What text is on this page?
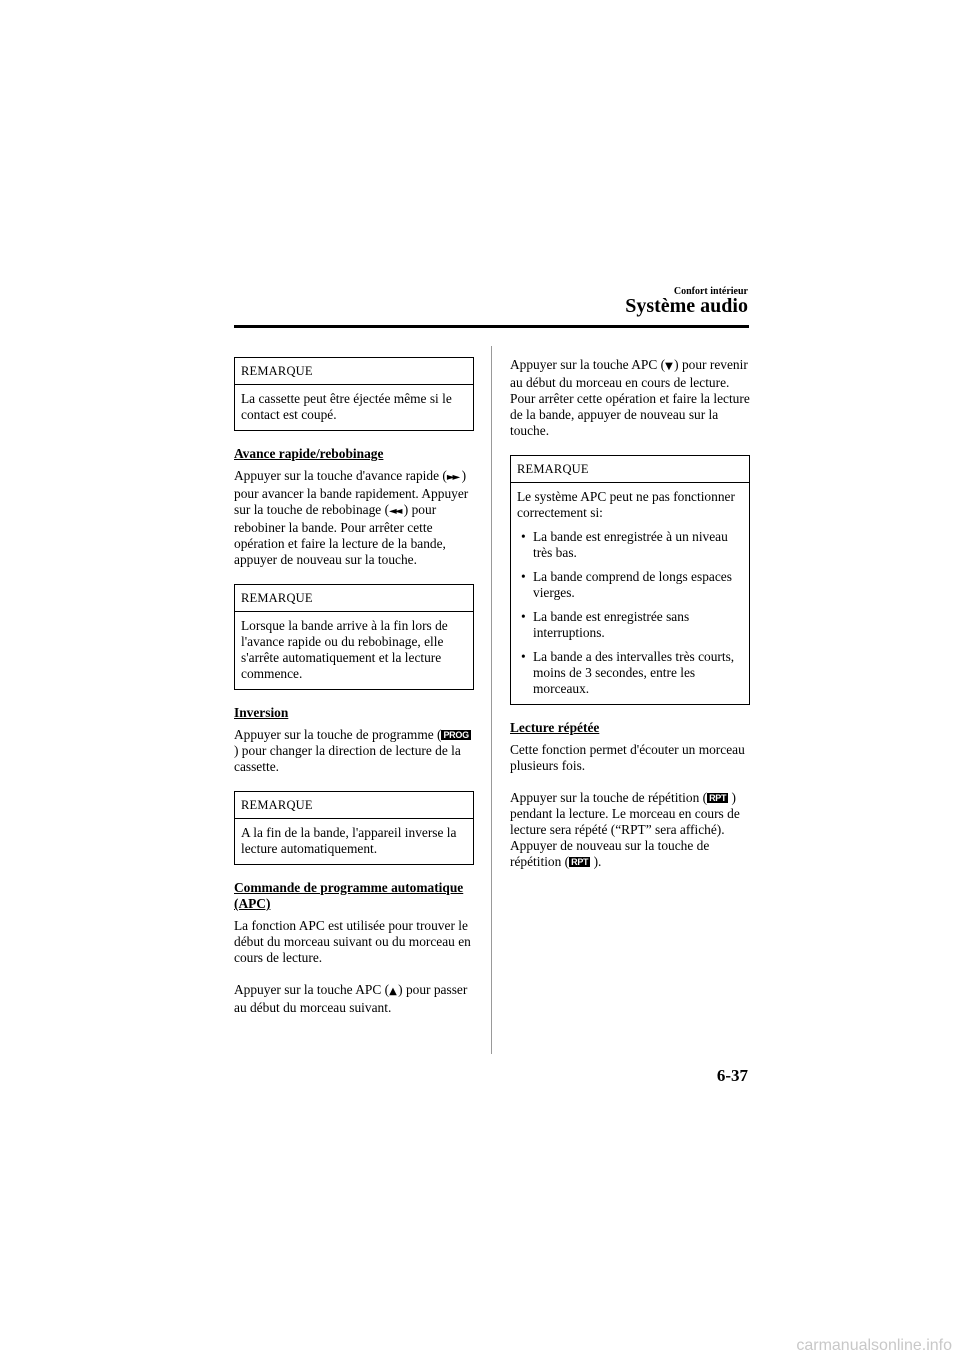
Confort intérieur
Système audio
REMARQUE
La cassette peut être éjectée même si le contact est coupé.

Avance rapide/rebobinage

Appuyer sur la touche d'avance rapide (►► ) pour avancer la bande rapidement. Appuyer sur la touche de rebobinage (◄◄ ) pour rebobiner la bande. Pour arrêter cette opération et faire la lecture de la bande, appuyer de nouveau sur la touche.

REMARQUE
Lorsque la bande arrive à la fin lors de l'avance rapide ou du rebobinage, elle s'arrête automatiquement et la lecture commence.

Inversion

Appuyer sur la touche de programme ( PROG ) pour changer la direction de lecture de la cassette.

REMARQUE
A la fin de la bande, l'appareil inverse la lecture automatiquement.

Commande de programme automatique (APC)

La fonction APC est utilisée pour trouver le début du morceau suivant ou du morceau en cours de lecture.

Appuyer sur la touche APC (▲ ) pour passer au début du morceau suivant.

Appuyer sur la touche APC (▼ ) pour revenir au début du morceau en cours de lecture. Pour arrêter cette opération et faire la lecture de la bande, appuyer de nouveau sur la touche.

REMARQUE

Le système APC peut ne pas fonctionner correctement si:

• La bande est enregistrée à un niveau très bas.
• La bande comprend de longs espaces vierges.
• La bande est enregistrée sans interruptions.
• La bande a des intervalles très courts, moins de 3 secondes, entre les morceaux.

Lecture répétée

Cette fonction permet d'écouter un morceau plusieurs fois.

Appuyer sur la touche de répétition ( RPT ) pendant la lecture. Le morceau en cours de lecture sera répété (“RPT” sera affiché).

Appuyer de nouveau sur la touche de répétition ( RPT ).

6-37
carmanualsonline.info
